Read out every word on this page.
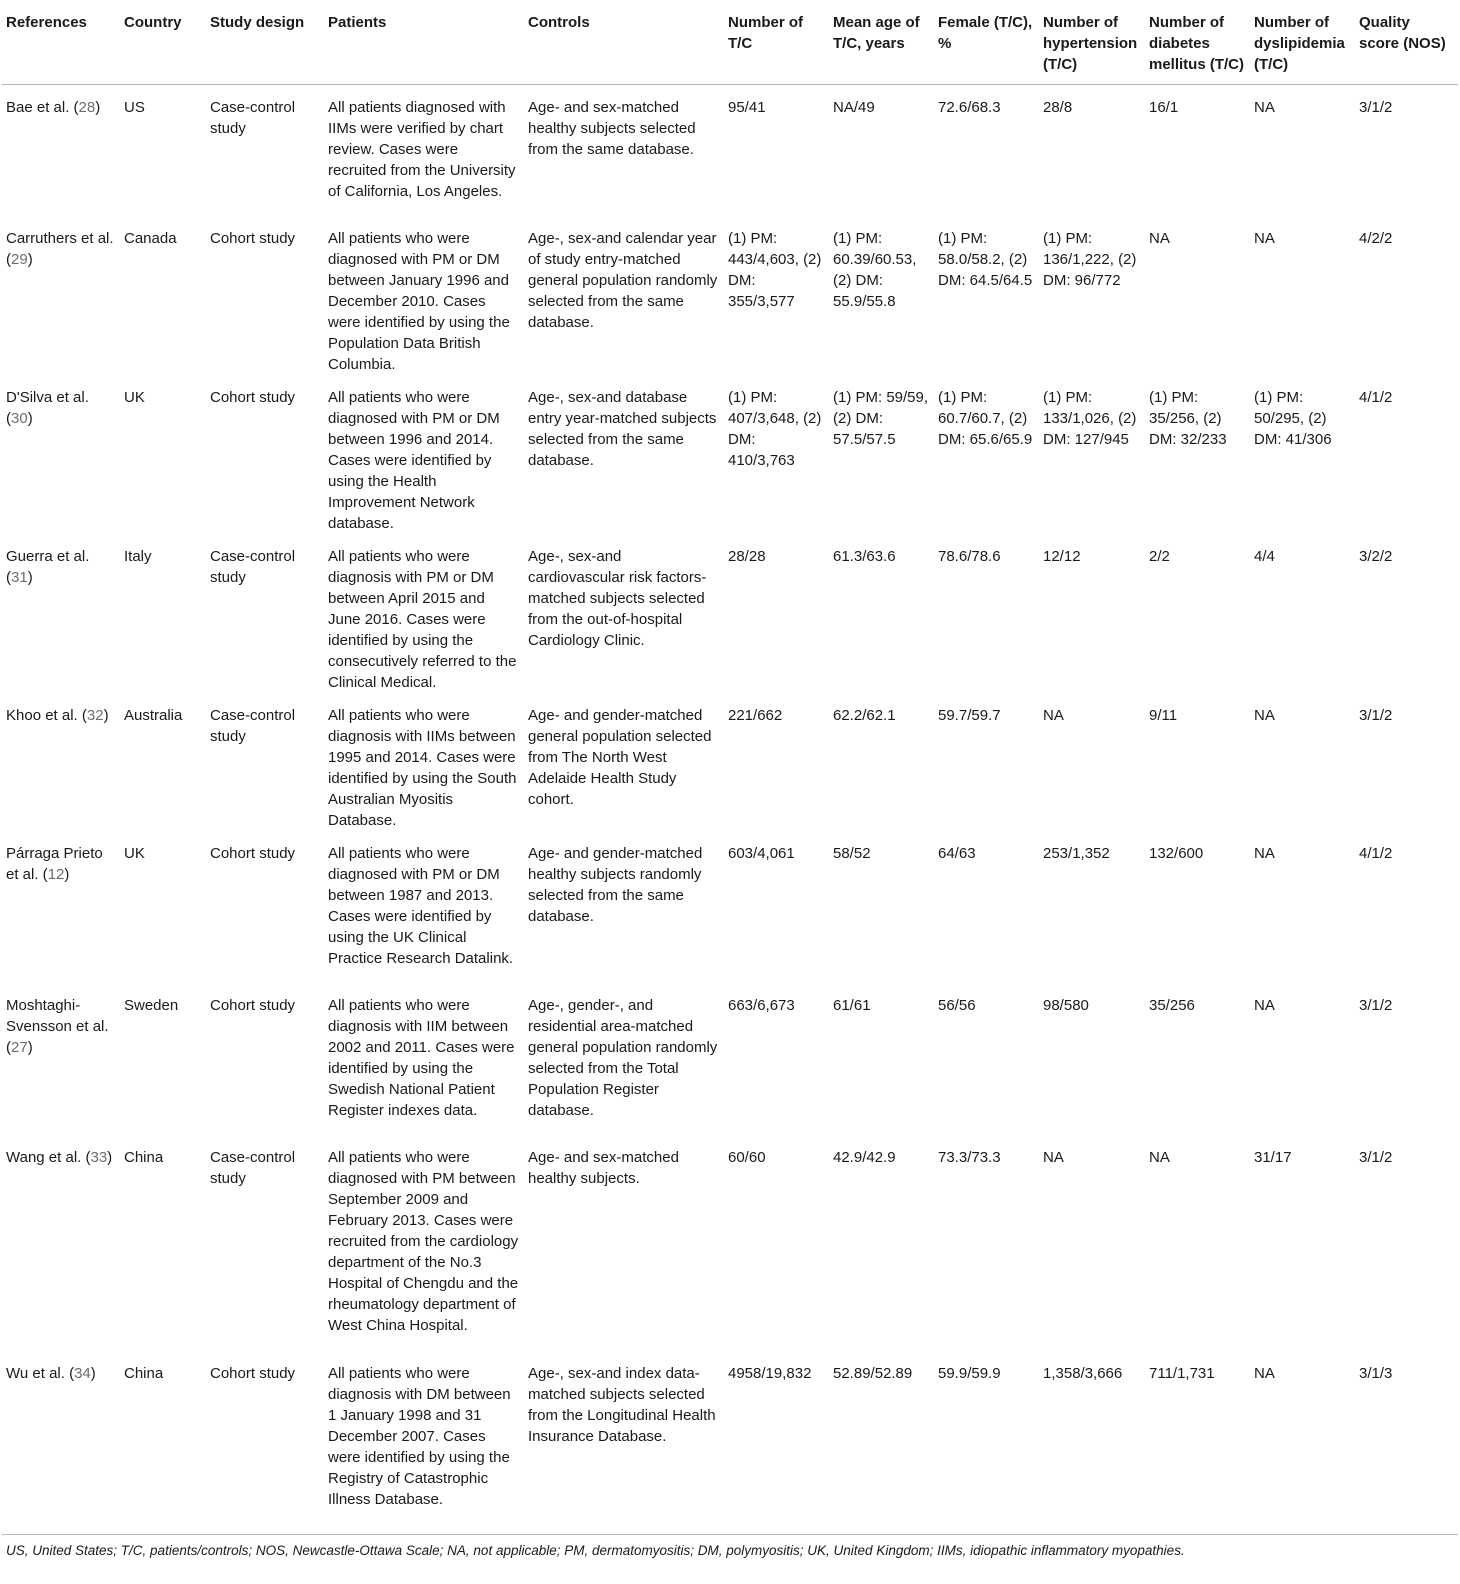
References	Country	Study design	Patients	Controls	Number of T/C	Mean age of T/C, years	Female (T/C), %	Number of hypertension (T/C)	Number of diabetes mellitus (T/C)	Number of dyslipidemia (T/C)	Quality score (NOS)
Bae et al. (28)	US	Case-control study	All patients diagnosed with IIMs were verified by chart review. Cases were recruited from the University of California, Los Angeles.	Age- and sex-matched healthy subjects selected from the same database.	95/41	NA/49	72.6/68.3	28/8	16/1	NA	3/1/2
Carruthers et al. (29)	Canada	Cohort study	All patients who were diagnosed with PM or DM between January 1996 and December 2010. Cases were identified by using the Population Data British Columbia.	Age-, sex-and calendar year of study entry-matched general population randomly selected from the same database.	(1) PM: 443/4,603, (2) DM: 355/3,577	(1) PM: 60.39/60.53, (2) DM: 55.9/55.8	(1) PM: 58.0/58.2, (2) DM: 64.5/64.5	(1) PM: 136/1,222, (2) DM: 96/772	NA	NA	4/2/2
D'Silva et al. (30)	UK	Cohort study	All patients who were diagnosed with PM or DM between 1996 and 2014. Cases were identified by using the Health Improvement Network database.	Age-, sex-and database entry year-matched subjects selected from the same database.	(1) PM: 407/3,648, (2) DM: 410/3,763	(1) PM: 59/59, (2) DM: 57.5/57.5	(1) PM: 60.7/60.7, (2) DM: 65.6/65.9	(1) PM: 133/1,026, (2) DM: 127/945	(1) PM: 35/256, (2) DM: 32/233	(1) PM: 50/295, (2) DM: 41/306	4/1/2
Guerra et al. (31)	Italy	Case-control study	All patients who were diagnosis with PM or DM between April 2015 and June 2016. Cases were identified by using the consecutively referred to the Clinical Medical.	Age-, sex-and cardiovascular risk factors-matched subjects selected from the out-of-hospital Cardiology Clinic.	28/28	61.3/63.6	78.6/78.6	12/12	2/2	4/4	3/2/2
Khoo et al. (32)	Australia	Case-control study	All patients who were diagnosis with IIMs between 1995 and 2014. Cases were identified by using the South Australian Myositis Database.	Age- and gender-matched general population selected from The North West Adelaide Health Study cohort.	221/662	62.2/62.1	59.7/59.7	NA	9/11	NA	3/1/2
Párraga Prieto et al. (12)	UK	Cohort study	All patients who were diagnosed with PM or DM between 1987 and 2013. Cases were identified by using the UK Clinical Practice Research Datalink.	Age- and gender-matched healthy subjects randomly selected from the same database.	603/4,061	58/52	64/63	253/1,352	132/600	NA	4/1/2
Moshtaghi-Svensson et al. (27)	Sweden	Cohort study	All patients who were diagnosis with IIM between 2002 and 2011. Cases were identified by using the Swedish National Patient Register indexes data.	Age-, gender-, and residential area-matched general population randomly selected from the Total Population Register database.	663/6,673	61/61	56/56	98/580	35/256	NA	3/1/2
Wang et al. (33)	China	Case-control study	All patients who were diagnosed with PM between September 2009 and February 2013. Cases were recruited from the cardiology department of the No.3 Hospital of Chengdu and the rheumatology department of West China Hospital.	Age- and sex-matched healthy subjects.	60/60	42.9/42.9	73.3/73.3	NA	NA	31/17	3/1/2
Wu et al. (34)	China	Cohort study	All patients who were diagnosis with DM between 1 January 1998 and 31 December 2007. Cases were identified by using the Registry of Catastrophic Illness Database.	Age-, sex-and index data-matched subjects selected from the Longitudinal Health Insurance Database.	4958/19,832	52.89/52.89	59.9/59.9	1,358/3,666	711/1,731	NA	3/1/3
US, United States; T/C, patients/controls; NOS, Newcastle-Ottawa Scale; NA, not applicable; PM, dermatomyositis; DM, polymyositis; UK, United Kingdom; IIMs, idiopathic inflammatory myopathies.
